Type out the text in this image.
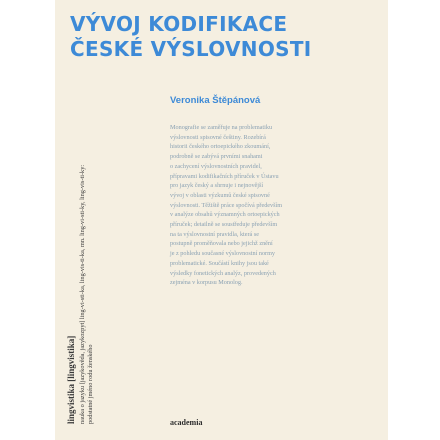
VÝVOJ KODIFIKACE
ČESKÉ VÝSLOVNOSTI
Veronika Štěpánová
Monografie se zaměřuje na problematiku
výslovnosti spisovné češtiny. Rozebírá
historii českého ortoepického zkoumání,
podrobně se zabývá prvními snahami
o zachycení výslovnostních pravidel,
přípravami kodifikačních příruček v Ústavu
pro jazyk český a shrnuje i nejnovější
vývoj v oblasti výzkumů české spisovné
výslovnosti. Těžiště práce spočívá především
v analýze obsahů významných ortoepických
příruček; detailně se soustředuje především
na ta výslovnostní pravidla, která se
postupně proměňovala nebo jejichž znění
je z pohledu současné výslovnostní normy
problematické. Součástí knihy jsou také
výsledky fonetických analýz, provedených
zejména v korpusu Monolog.
lingvistika [lingvistika] nauka o jazyku [jazykověda, jazykozpyt] ling-vi-sti-ka, ling-vis-ti-ka, mn. ling-vi-sti-ky, ling-vis-ti-ky: podstatné jméno rodu ženského	academia
